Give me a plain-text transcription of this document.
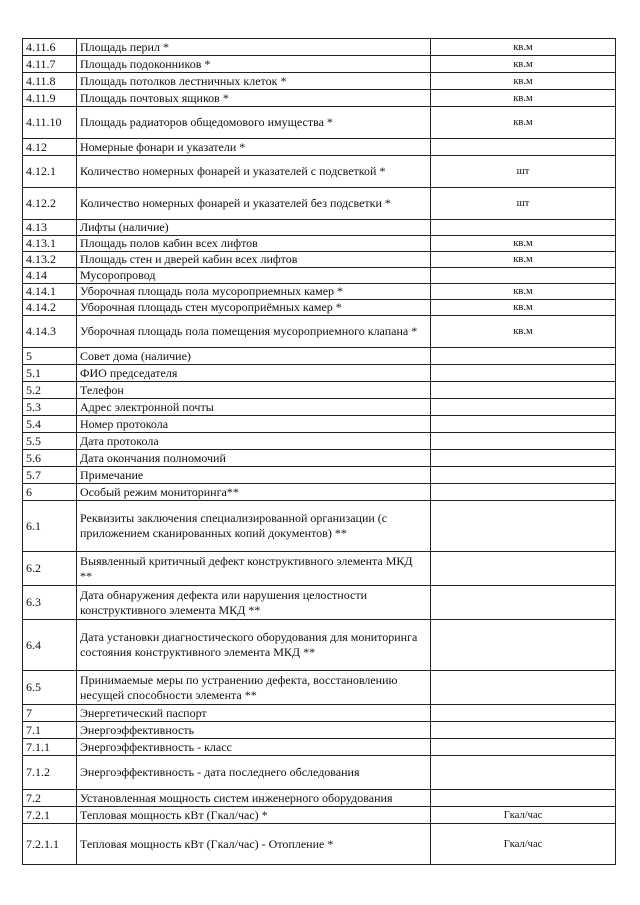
4.11.6	Площадь перил *	кв.м
4.11.7	Площадь подоконников *	кв.м
4.11.8	Площадь потолков лестничных клеток *	кв.м
4.11.9	Площадь почтовых ящиков *	кв.м
4.11.10	Площадь радиаторов общедомового имущества *	кв.м
4.12	Номерные фонари и указатели *	
4.12.1	Количество номерных фонарей и указателей с подсветкой *	шт
4.12.2	Количество номерных фонарей и указателей без подсветки *	шт
4.13	Лифты (наличие)	
4.13.1	Площадь полов кабин всех лифтов	кв.м
4.13.2	Площадь стен и дверей кабин всех лифтов	кв.м
4.14	Мусоропровод	
4.14.1	Уборочная площадь пола мусороприемных камер *	кв.м
4.14.2	Уборочная площадь стен мусороприёмных камер *	кв.м
4.14.3	Уборочная площадь пола помещения мусороприемного клапана *	кв.м
5	Совет дома (наличие)	
5.1	ФИО председателя	
5.2	Телефон	
5.3	Адрес электронной почты	
5.4	Номер протокола	
5.5	Дата протокола	
5.6	Дата окончания полномочий	
5.7	Примечание	
6	Особый режим мониторинга**	
6.1	Реквизиты заключения специализированной организации (с приложением сканированных копий документов) **	
6.2	Выявленный критичный дефект конструктивного элемента МКД **	
6.3	Дата обнаружения дефекта или нарушения целостности конструктивного элемента МКД **	
6.4	Дата установки диагностического оборудования для мониторинга состояния конструктивного элемента МКД **	
6.5	Принимаемые меры по устранению дефекта, восстановлению несущей способности элемента **	
7	Энергетический паспорт	
7.1	Энергоэффективность	
7.1.1	Энергоэффективность - класс	
7.1.2	Энергоэффективность - дата последнего обследования	
7.2	Установленная мощность систем инженерного оборудования	
7.2.1	Тепловая мощность кВт (Гкал/час) *	Гкал/час
7.2.1.1	Тепловая мощность кВт (Гкал/час) - Отопление *	Гкал/час
